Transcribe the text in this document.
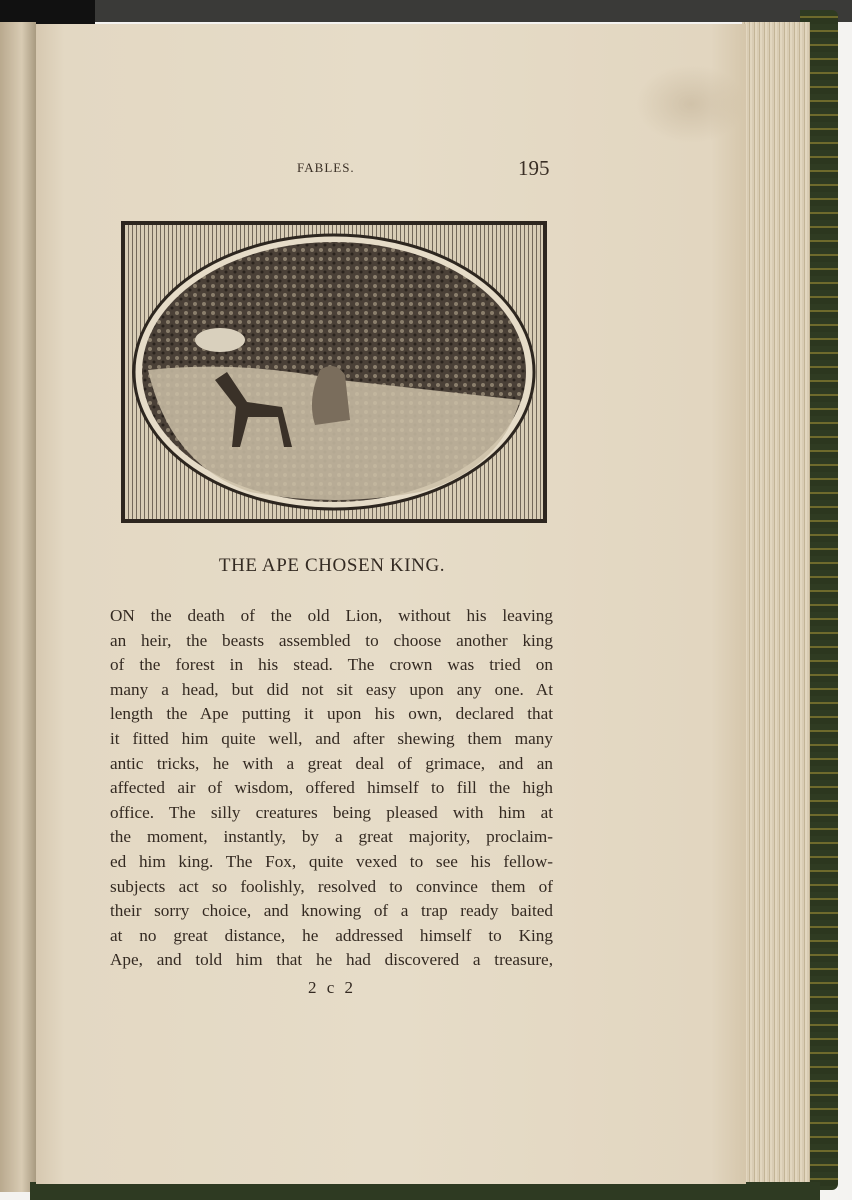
FABLES.	195
THE APE CHOSEN KING.
ON the death of the old Lion, without his leaving
an heir, the beasts assembled to choose another king
of the forest in his stead. The crown was tried on
many a head, but did not sit easy upon any one. At
length the Ape putting it upon his own, declared that
it fitted him quite well, and after shewing them many
antic tricks, he with a great deal of grimace, and an
affected air of wisdom, offered himself to fill the high
office. The silly creatures being pleased with him at
the moment, instantly, by a great majority, proclaim-
ed him king. The Fox, quite vexed to see his fellow-
subjects act so foolishly, resolved to convince them of
their sorry choice, and knowing of a trap ready baited
at no great distance, he addressed himself to King
Ape, and told him that he had discovered a treasure,
2 c 2
